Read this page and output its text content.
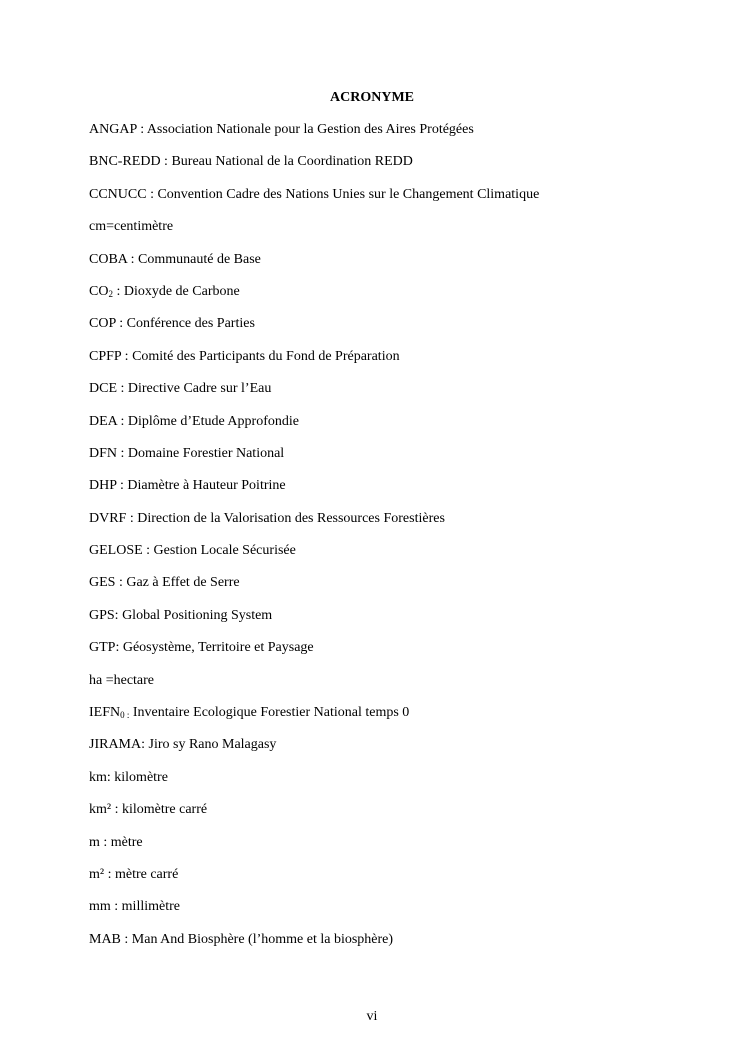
ACRONYME
ANGAP : Association Nationale pour la Gestion des Aires Protégées
BNC-REDD : Bureau National de la Coordination REDD
CCNUCC : Convention Cadre des Nations Unies sur le Changement Climatique
cm=centimètre
COBA : Communauté de Base
$CO_2$ : Dioxyde de Carbone
COP : Conférence des Parties
CPFP : Comité des Participants du Fond de Préparation
DCE : Directive Cadre sur l’Eau
DEA : Diplôme d’Etude Approfondie
DFN : Domaine Forestier National
DHP : Diamètre à Hauteur Poitrine
DVRF : Direction de la Valorisation des Ressources Forestières
GELOSE : Gestion Locale Sécurisée
GES : Gaz à Effet de Serre
GPS: Global Positioning System
GTP: Géosystème, Territoire et Paysage
ha =hectare
$IEFN_{0 :}$ Inventaire Ecologique Forestier National temps 0
JIRAMA: Jiro sy Rano Malagasy
km: kilomètre
km² : kilomètre carré
m : mètre
m² : mètre carré
mm : millimètre
MAB : Man And Biosphère (l’homme et la biosphère)
vi
